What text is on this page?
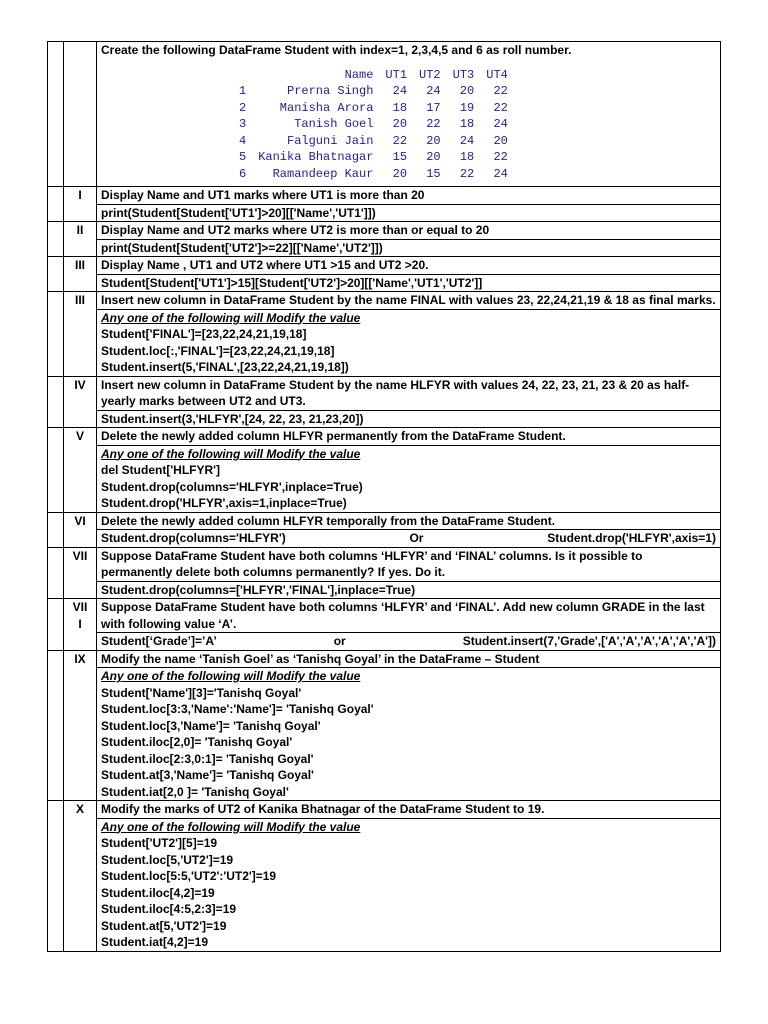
		Create the following DataFrame Student with index=1, 2,3,4,5 and 6 as roll number.
	Name	UT1	UT2	UT3	UT4
1	Prerna Singh	24	24	20	22
2	Manisha Arora	18	17	19	22
3	Tanish Goel	20	22	18	24
4	Falguni Jain	22	20	24	20
5	Kanika Bhatnagar	15	20	18	22
6	Ramandeep Kaur	20	15	22	24

	I	Display Name and UT1 marks where UT1 is more than 20

print(Student[Student['UT1']>20][['Name','UT1']])

	II	Display Name and UT2 marks where UT2 is more than or equal to 20

print(Student[Student['UT2']>=22][['Name','UT2']])

	III	Display Name , UT1 and UT2 where UT1 >15 and UT2 >20.

Student[Student['UT1']>15][Student['UT2']>20][['Name','UT1','UT2']]

	III	Insert new column in DataFrame Student by the name FINAL with values 23, 22,24,21,19 & 18 as final marks.

Any one of the following will Modify the value
Student['FINAL']=[23,22,24,21,19,18]
Student.loc[:,'FINAL']=[23,22,24,21,19,18]
Student.insert(5,'FINAL',[23,22,24,21,19,18])

	IV	Insert new column in DataFrame Student by the name HLFYR with values 24, 22, 23, 21, 23 & 20 as half-yearly marks between UT2 and UT3.

Student.insert(3,'HLFYR',[24, 22, 23, 21,23,20])

	V	Delete the newly added column HLFYR permanently from the DataFrame Student.

Any one of the following will Modify the value
del Student['HLFYR']
Student.drop(columns='HLFYR',inplace=True)
Student.drop('HLFYR',axis=1,inplace=True)

	VI	Delete the newly added column HLFYR temporally from the DataFrame Student.

Student.drop(columns='HLFYR')	Or	Student.drop('HLFYR',axis=1)

	VII	Suppose DataFrame Student have both columns ‘HLFYR’ and ‘FINAL’ columns. Is it possible to permanently delete both columns permanently? If yes. Do it.

Student.drop(columns=['HLFYR','FINAL'],inplace=True)

	VII
I	Suppose DataFrame Student have both columns ‘HLFYR’ and ‘FINAL’. Add new column GRADE in the last with following value ‘A’.

Student[‘Grade’]=’A’	or	Student.insert(7,'Grade',['A','A','A','A','A','A'])

	IX	Modify the name ‘Tanish Goel’ as ‘Tanishq Goyal’ in the DataFrame – Student

Any one of the following will Modify the value
Student['Name'][3]='Tanishq Goyal'
Student.loc[3:3,'Name':'Name']= 'Tanishq Goyal'
Student.loc[3,'Name']= 'Tanishq Goyal'
Student.iloc[2,0]= 'Tanishq Goyal'
Student.iloc[2:3,0:1]= 'Tanishq Goyal'
Student.at[3,'Name']= 'Tanishq Goyal'
Student.iat[2,0 ]= 'Tanishq Goyal'

	X	Modify the marks of UT2 of Kanika Bhatnagar of the DataFrame Student to 19.

Any one of the following will Modify the value
Student['UT2'][5]=19
Student.loc[5,'UT2']=19
Student.loc[5:5,'UT2':'UT2']=19
Student.iloc[4,2]=19
Student.iloc[4:5,2:3]=19
Student.at[5,'UT2']=19
Student.iat[4,2]=19
